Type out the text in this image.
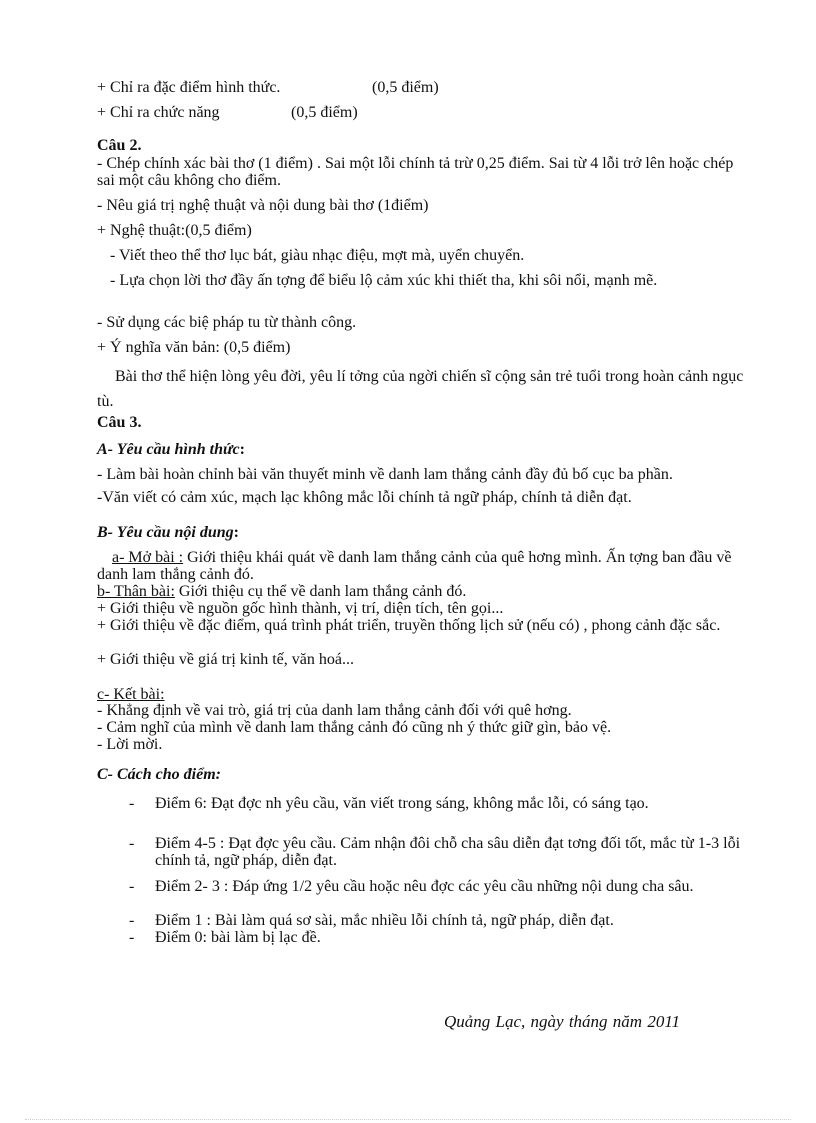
+ Chỉ ra đặc điểm hình thức.	(0,5 điểm)
+ Chỉ ra chức năng	(0,5 điểm)
Câu 2.
- Chép chính xác bài thơ (1 điểm) . Sai một lỗi chính tả trừ 0,25 điểm. Sai từ 4 lỗi trở lên hoặc chép sai một câu không cho điểm.
- Nêu giá trị nghệ thuật và nội dung bài thơ (1điểm)
+ Nghệ thuật:(0,5 điểm)
- Viết theo thể thơ lục bát, giàu nhạc điệu, mợt mà, uyển chuyển.
- Lựa chọn lời thơ đầy ấn tợng để biểu lộ cảm xúc khi thiết tha, khi sôi nổi, mạnh mẽ.
- Sử dụng các biệ pháp tu từ thành công.
+ Ý nghĩa văn bản: (0,5 điểm)
Bài thơ thể hiện lòng yêu đời, yêu lí tởng của ngời chiến sĩ cộng sản trẻ tuổi trong hoàn cảnh ngục tù.
Câu 3.
A- Yêu cầu hình thức:
- Làm bài hoàn chỉnh bài văn thuyết minh về danh lam thắng cảnh đầy đủ bố cục ba phần.
-Văn viết có cảm xúc, mạch lạc không mắc lỗi chính tả ngữ pháp, chính tả diễn đạt.
B- Yêu cầu nội dung:
a- Mở bài : Giới thiệu khái quát về danh lam thắng cảnh của quê hơng mình. Ấn tợng ban đầu về danh lam thắng cảnh đó.
b- Thân bài: Giới thiệu cụ thể về danh lam thắng cảnh đó.
+ Giới thiệu về nguồn gốc hình thành, vị trí, diện tích, tên gọi...
+ Giới thiệu về đặc điểm, quá trình phát triển, truyền thống lịch sử (nếu có) , phong cảnh đặc sắc.
+ Giới thiệu về giá trị kinh tế, văn hoá...
c- Kết bài:
- Khẳng định về vai trò, giá trị của danh lam thắng cảnh đối với quê hơng.
- Cảm nghĩ của mình về danh lam thắng cảnh đó cũng nh ý thức giữ gìn, bảo vệ.
- Lời mời.
C- Cách cho điểm:
- Điểm 6: Đạt đợc nh yêu cầu, văn viết trong sáng, không mắc lỗi, có sáng tạo.
- Điểm 4-5 : Đạt đợc yêu cầu. Cảm nhận đôi chỗ cha sâu diễn đạt tơng đối tốt, mắc từ 1-3 lỗi chính tả, ngữ pháp, diễn đạt.
- Điểm 2- 3 : Đáp ứng 1/2 yêu cầu hoặc nêu đợc các yêu cầu những nội dung cha sâu.
- Điểm 1 : Bài làm quá sơ sài, mắc nhiều lỗi chính tả, ngữ pháp, diễn đạt.
- Điểm 0: bài làm bị lạc đề.
Quảng Lạc, ngày tháng năm 2011
